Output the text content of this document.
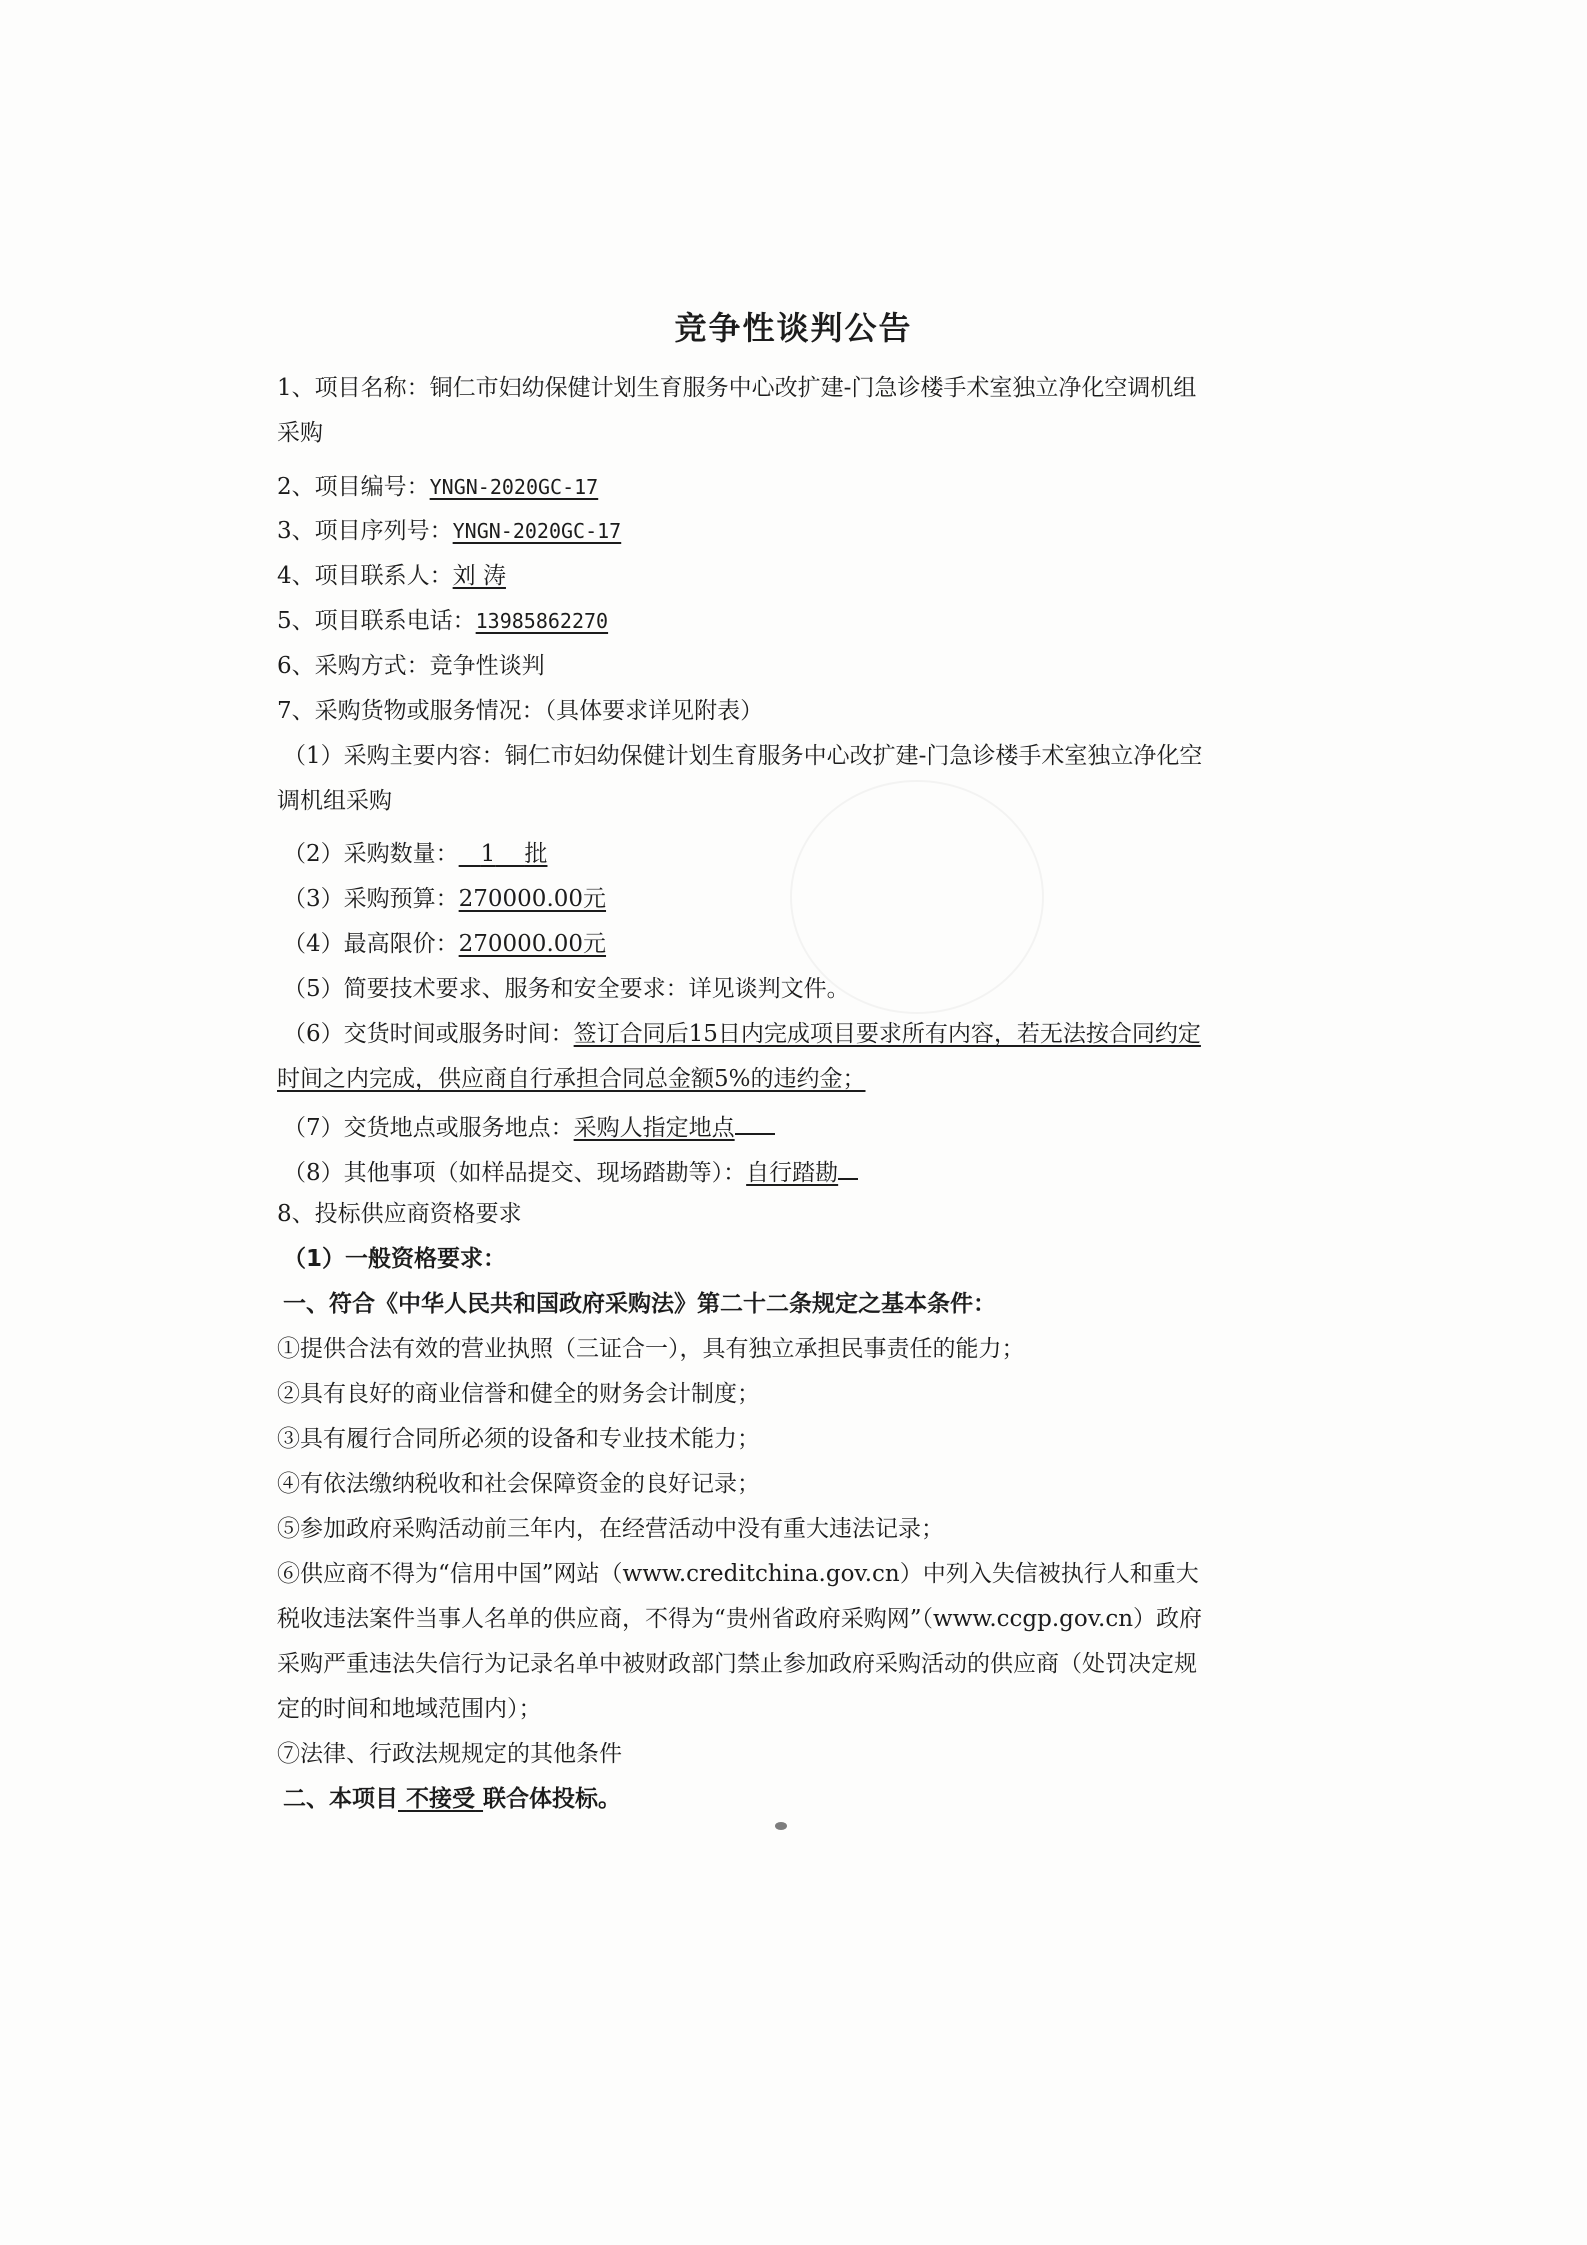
竞争性谈判公告
1、项目名称：铜仁市妇幼保健计划生育服务中心改扩建-门急诊楼手术室独立净化空调机组
采购
2、项目编号：YNGN-2020GC-17
3、项目序列号：YNGN-2020GC-17
4、项目联系人：刘 涛
5、项目联系电话：13985862270
6、采购方式：竞争性谈判
7、采购货物或服务情况：（具体要求详见附表）
（1）采购主要内容：铜仁市妇幼保健计划生育服务中心改扩建-门急诊楼手术室独立净化空
调机组采购
（2）采购数量： 1 批
（3）采购预算：270000.00元
（4）最高限价：270000.00元
（5）简要技术要求、服务和安全要求：详见谈判文件。
（6）交货时间或服务时间：签订合同后15日内完成项目要求所有内容，若无法按合同约定
时间之内完成，供应商自行承担合同总金额5%的违约金；
（7）交货地点或服务地点：采购人指定地点
（8）其他事项（如样品提交、现场踏勘等）：自行踏勘
8、投标供应商资格要求
（1）一般资格要求：
一、符合《中华人民共和国政府采购法》第二十二条规定之基本条件：
①提供合法有效的营业执照（三证合一），具有独立承担民事责任的能力；
②具有良好的商业信誉和健全的财务会计制度；
③具有履行合同所必须的设备和专业技术能力；
④有依法缴纳税收和社会保障资金的良好记录；
⑤参加政府采购活动前三年内，在经营活动中没有重大违法记录；
⑥供应商不得为“信用中国”网站（www.creditchina.gov.cn）中列入失信被执行人和重大
税收违法案件当事人名单的供应商，不得为“贵州省政府采购网”（www.ccgp.gov.cn）政府
采购严重违法失信行为记录名单中被财政部门禁止参加政府采购活动的供应商（处罚决定规
定的时间和地域范围内）；
⑦法律、行政法规规定的其他条件
二、本项目 不接受 联合体投标。
